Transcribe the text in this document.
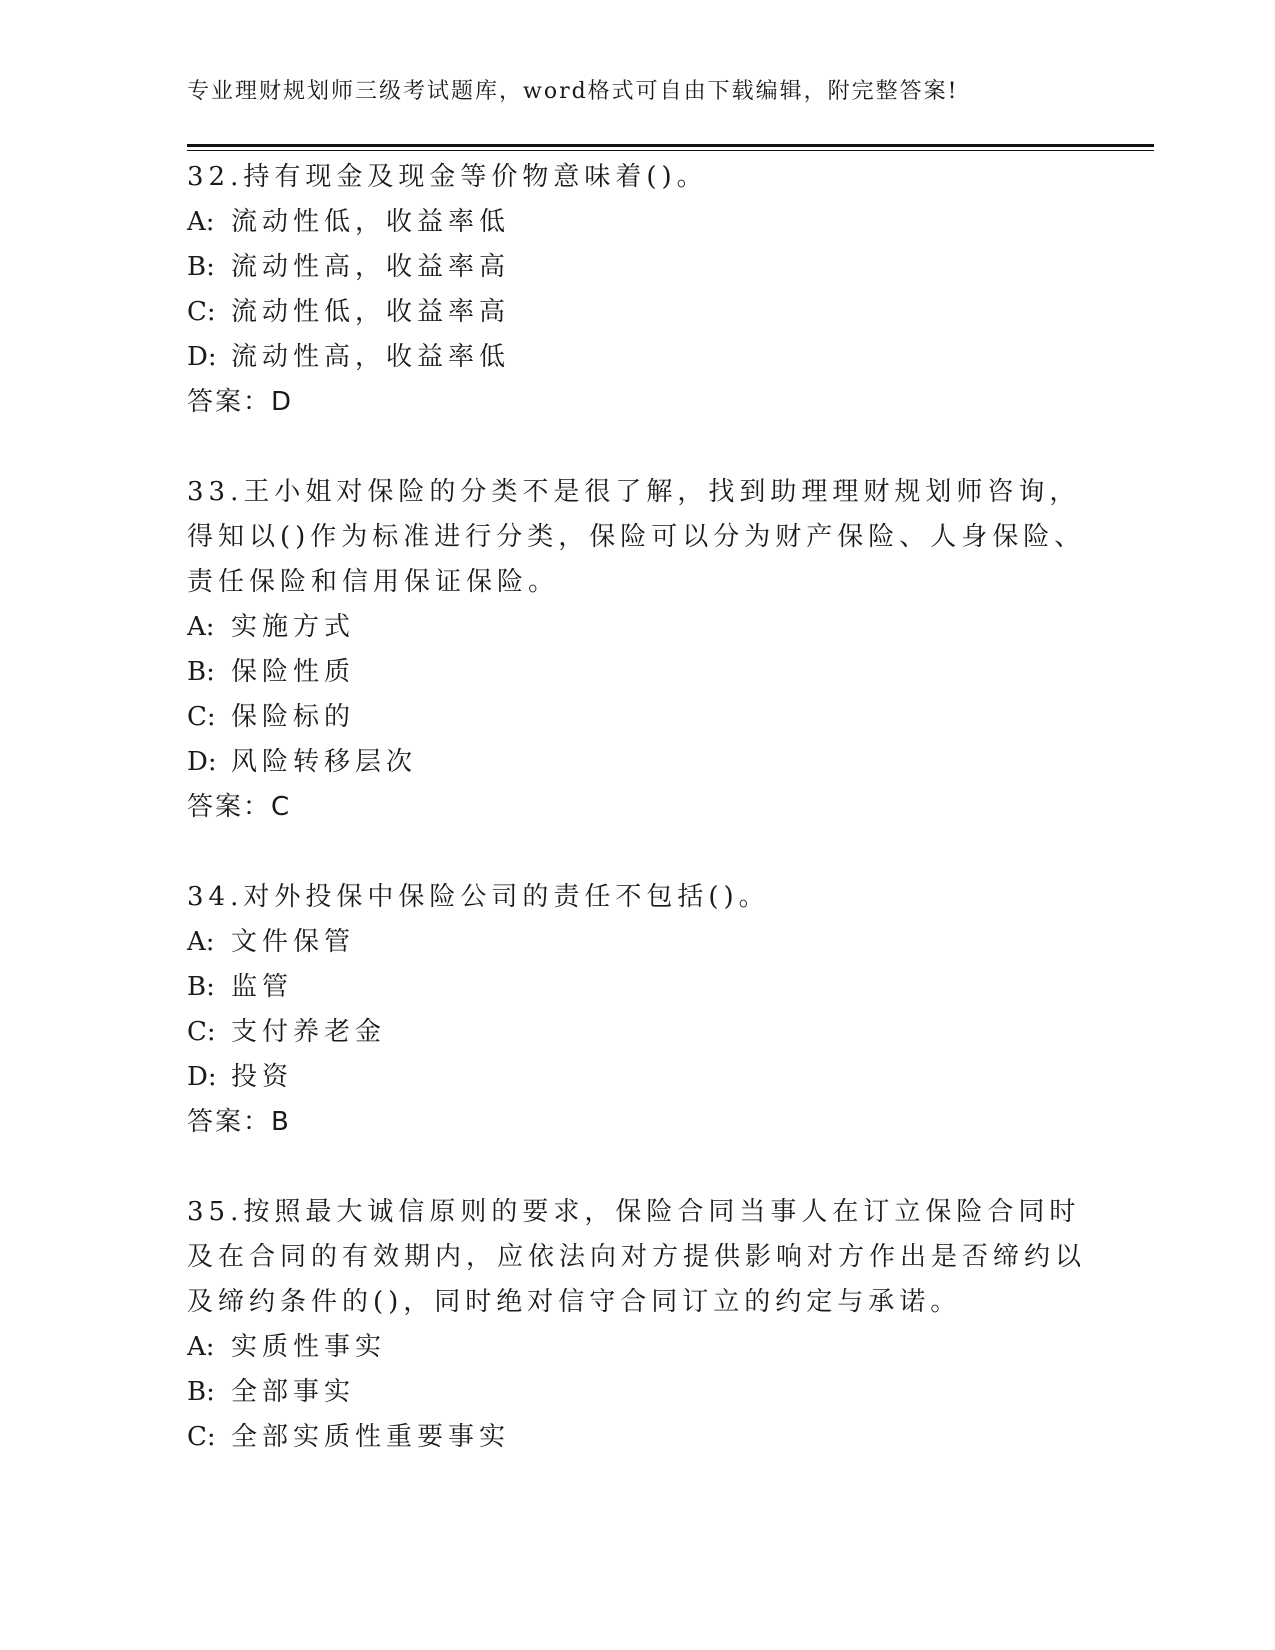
专业理财规划师三级考试题库，word格式可自由下载编辑，附完整答案!

32.持有现金及现金等价物意味着()。

A: 流动性低，收益率低

B: 流动性高，收益率高

C: 流动性低，收益率高

D: 流动性高，收益率低

答案：D

33.王小姐对保险的分类不是很了解，找到助理理财规划师咨询，得知以()作为标准进行分类，保险可以分为财产保险、人身保险、责任保险和信用保证保险。

A: 实施方式

B: 保险性质

C: 保险标的

D: 风险转移层次

答案：C

34.对外投保中保险公司的责任不包括()。

A: 文件保管

B: 监管

C: 支付养老金

D: 投资

答案：B

35.按照最大诚信原则的要求，保险合同当事人在订立保险合同时及在合同的有效期内，应依法向对方提供影响对方作出是否缔约以及缔约条件的()，同时绝对信守合同订立的约定与承诺。

A: 实质性事实

B: 全部事实

C: 全部实质性重要事实
